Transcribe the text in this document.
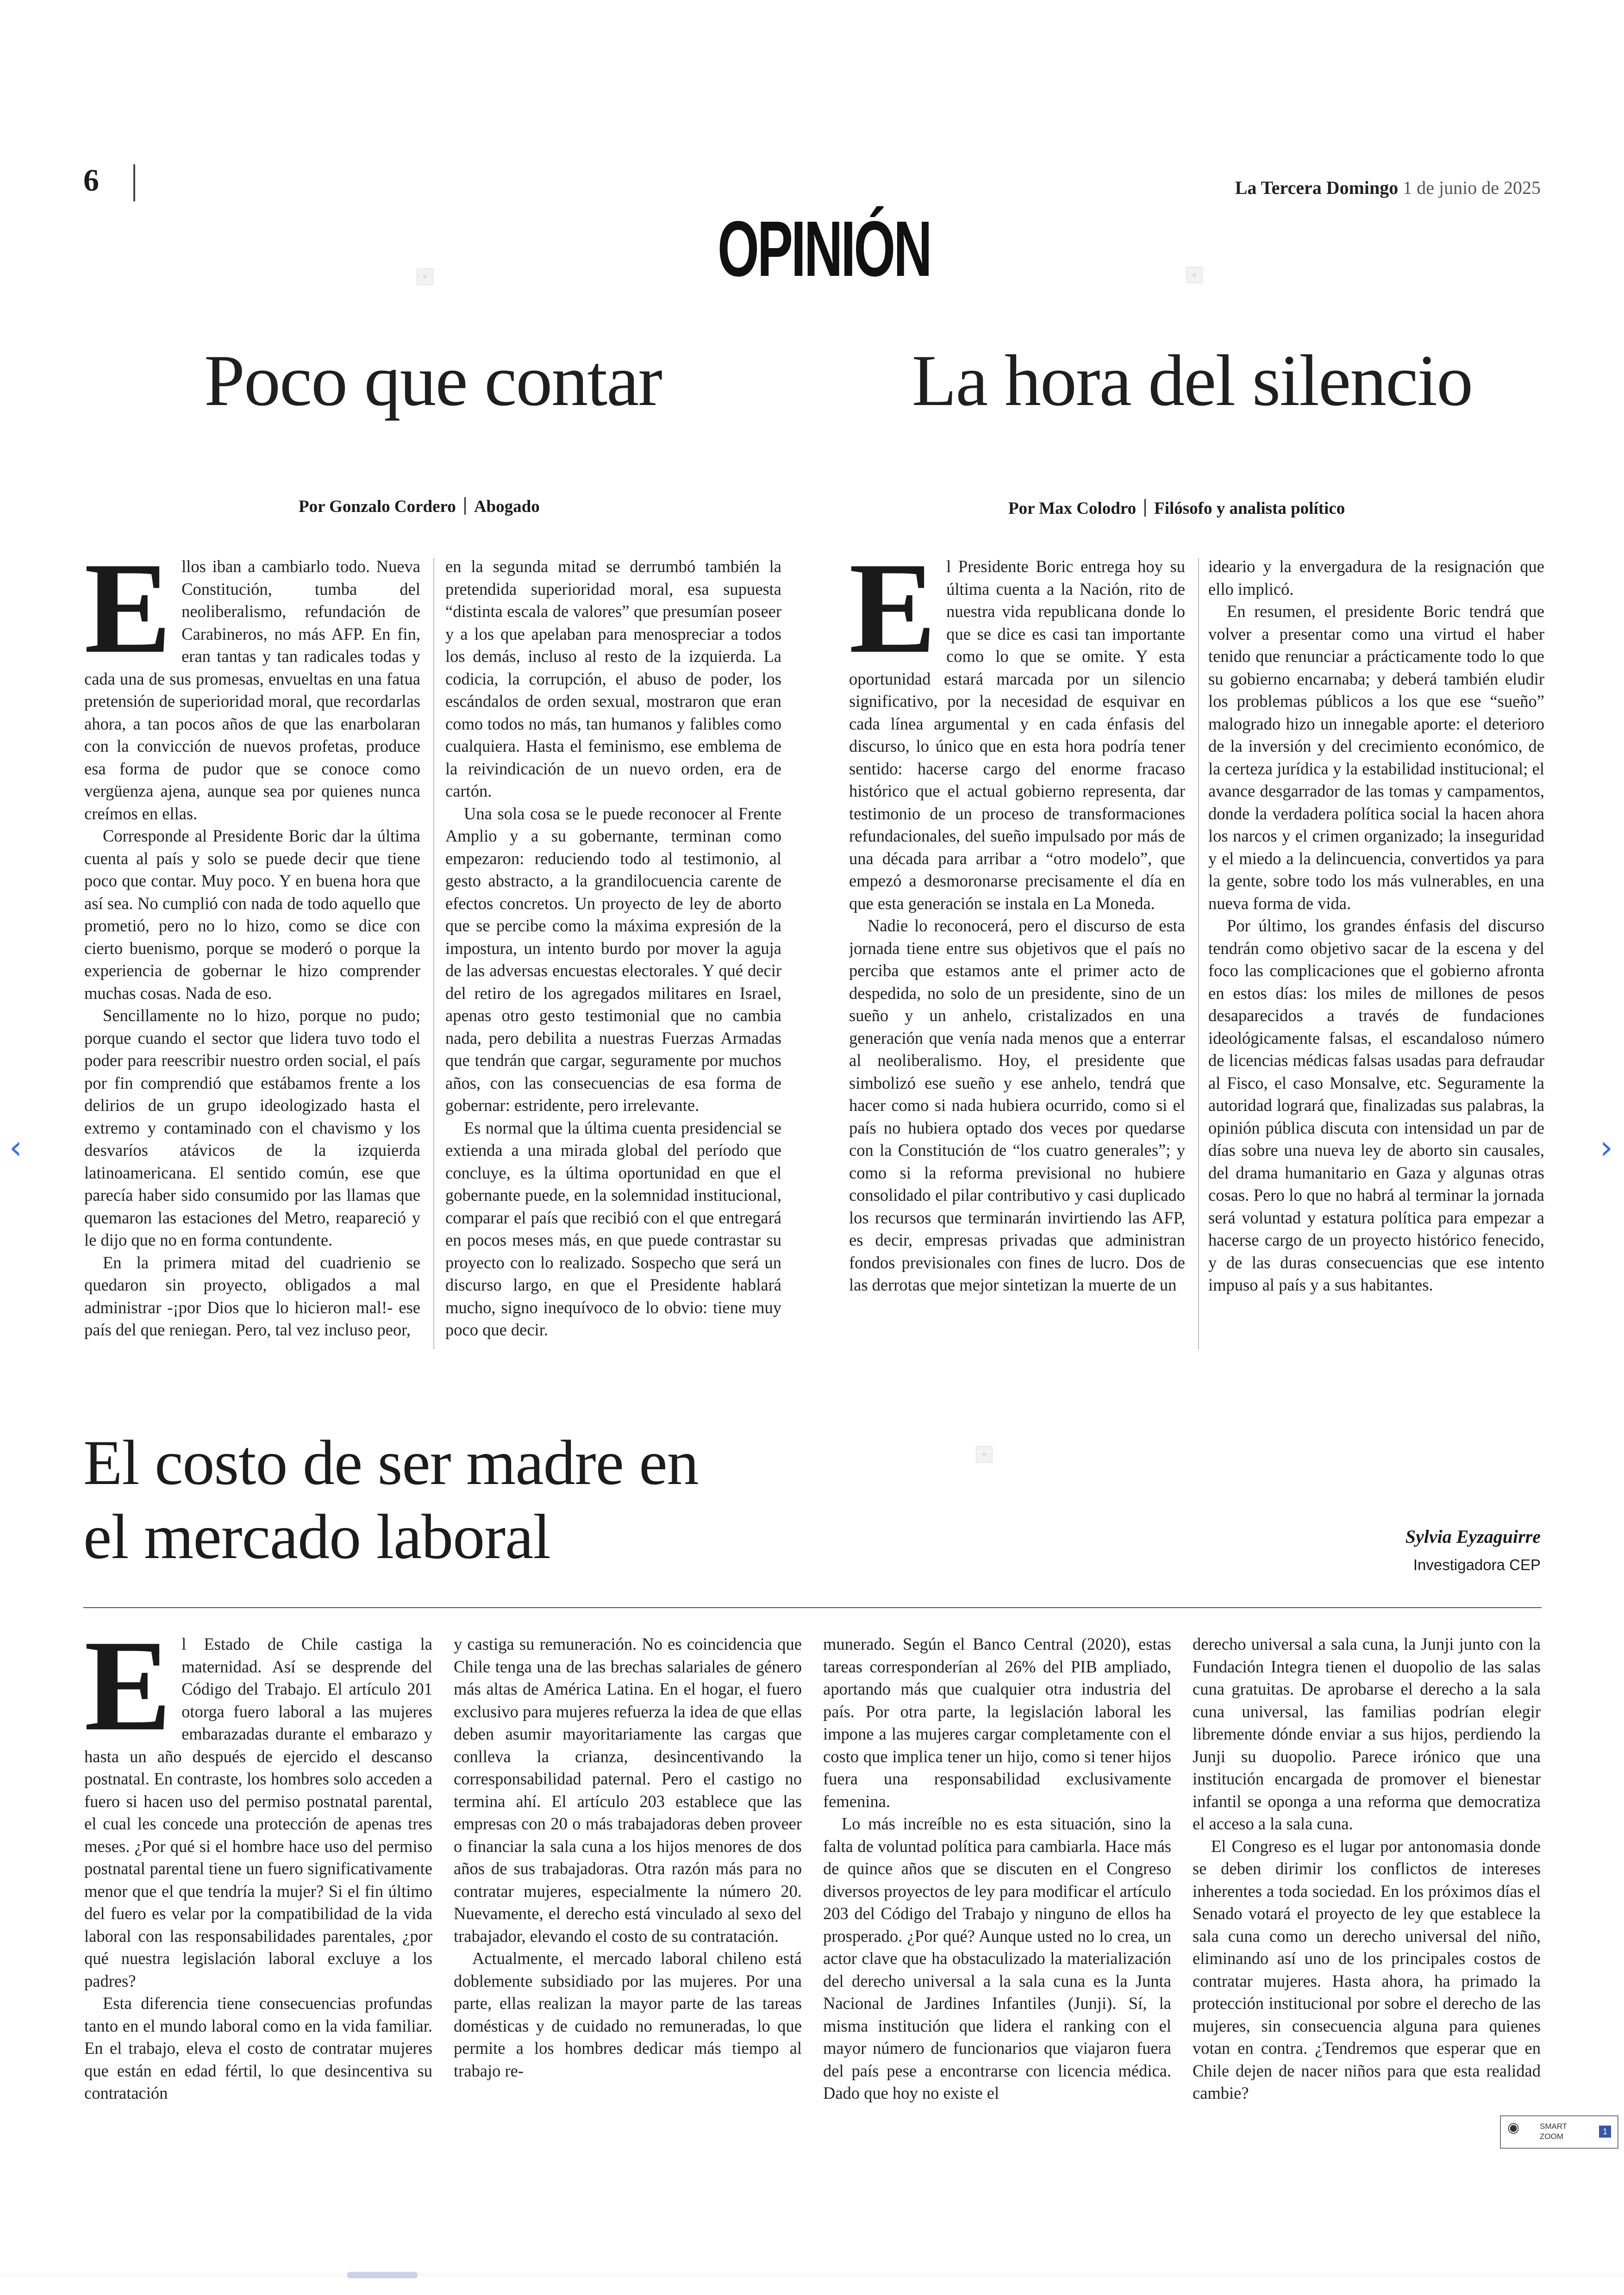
6	La Tercera Domingo 1 de junio de 2025
OPINIÓN
▫	▫
▫
Poco que contar
Por Gonzalo Cordero Abogado
E llos iban a cambiarlo todo. Nueva Constitución, tumba del neoliberalismo, refundación de Carabineros, no más AFP. En fin, eran tantas y tan radicales todas y cada una de sus promesas, envueltas en una fatua pretensión de superioridad moral, que recordarlas ahora, a tan pocos años de que las enarbolaran con la convicción de nuevos profetas, produce esa forma de pudor que se conoce como vergüenza ajena, aunque sea por quienes nunca creímos en ellas.

Corresponde al Presidente Boric dar la última cuenta al país y solo se puede decir que tiene poco que contar. Muy poco. Y en buena hora que así sea. No cumplió con nada de todo aquello que prometió, pero no lo hizo, como se dice con cierto buenismo, porque se moderó o porque la experiencia de gobernar le hizo comprender muchas cosas. Nada de eso.

Sencillamente no lo hizo, porque no pudo; porque cuando el sector que lidera tuvo todo el poder para reescribir nuestro orden social, el país por fin comprendió que estábamos frente a los delirios de un grupo ideologizado hasta el extremo y contaminado con el chavismo y los desvaríos atávicos de la izquierda latinoamericana. El sentido común, ese que parecía haber sido consumido por las llamas que quemaron las estaciones del Metro, reapareció y le dijo que no en forma contundente.

En la primera mitad del cuadrienio se quedaron sin proyecto, obligados a mal administrar -¡por Dios que lo hicieron mal!- ese país del que reniegan. Pero, tal vez incluso peor,

en la segunda mitad se derrumbó también la pretendida superioridad moral, esa supuesta “distinta escala de valores” que presumían poseer y a los que apelaban para menospreciar a todos los demás, incluso al resto de la izquierda. La codicia, la corrupción, el abuso de poder, los escándalos de orden sexual, mostraron que eran como todos no más, tan humanos y falibles como cualquiera. Hasta el feminismo, ese emblema de la reivindicación de un nuevo orden, era de cartón.

Una sola cosa se le puede reconocer al Frente Amplio y a su gobernante, terminan como empezaron: reduciendo todo al testimonio, al gesto abstracto, a la grandilocuencia carente de efectos concretos. Un proyecto de ley de aborto que se percibe como la máxima expresión de la impostura, un intento burdo por mover la aguja de las adversas encuestas electorales. Y qué decir del retiro de los agregados militares en Israel, apenas otro gesto testimonial que no cambia nada, pero debilita a nuestras Fuerzas Armadas que tendrán que cargar, seguramente por muchos años, con las consecuencias de esa forma de gobernar: estridente, pero irrelevante.

Es normal que la última cuenta presidencial se extienda a una mirada global del período que concluye, es la última oportunidad en que el gobernante puede, en la solemnidad institucional, comparar el país que recibió con el que entregará en pocos meses más, en que puede contrastar su proyecto con lo realizado. Sospecho que será un discurso largo, en que el Presidente hablará mucho, signo inequívoco de lo obvio: tiene muy poco que decir.

La hora del silencio
Por Max Colodro Filósofo y analista político
E l Presidente Boric entrega hoy su última cuenta a la Nación, rito de nuestra vida republicana donde lo que se dice es casi tan importante como lo que se omite. Y esta oportunidad estará marcada por un silencio significativo, por la necesidad de esquivar en cada línea argumental y en cada énfasis del discurso, lo único que en esta hora podría tener sentido: hacerse cargo del enorme fracaso histórico que el actual gobierno representa, dar testimonio de un proceso de transformaciones refundacionales, del sueño impulsado por más de una década para arribar a “otro modelo”, que empezó a desmoronarse precisamente el día en que esta generación se instala en La Moneda.

Nadie lo reconocerá, pero el discurso de esta jornada tiene entre sus objetivos que el país no perciba que estamos ante el primer acto de despedida, no solo de un presidente, sino de un sueño y un anhelo, cristalizados en una generación que venía nada menos que a enterrar al neoliberalismo. Hoy, el presidente que simbolizó ese sueño y ese anhelo, tendrá que hacer como si nada hubiera ocurrido, como si el país no hubiera optado dos veces por quedarse con la Constitución de “los cuatro generales”; y como si la reforma previsional no hubiere consolidado el pilar contributivo y casi duplicado los recursos que terminarán invirtiendo las AFP, es decir, empresas privadas que administran fondos previsionales con fines de lucro. Dos de las derrotas que mejor sintetizan la muerte de un

ideario y la envergadura de la resignación que ello implicó.

En resumen, el presidente Boric tendrá que volver a presentar como una virtud el haber tenido que renunciar a prácticamente todo lo que su gobierno encarnaba; y deberá también eludir los problemas públicos a los que ese “sueño” malogrado hizo un innegable aporte: el deterioro de la inversión y del crecimiento económico, de la certeza jurídica y la estabilidad institucional; el avance desgarrador de las tomas y campamentos, donde la verdadera política social la hacen ahora los narcos y el crimen organizado; la inseguridad y el miedo a la delincuencia, convertidos ya para la gente, sobre todo los más vulnerables, en una nueva forma de vida.

Por último, los grandes énfasis del discurso tendrán como objetivo sacar de la escena y del foco las complicaciones que el gobierno afronta en estos días: los miles de millones de pesos desaparecidos a través de fundaciones ideológicamente falsas, el escandaloso número de licencias médicas falsas usadas para defraudar al Fisco, el caso Monsalve, etc. Seguramente la autoridad logrará que, finalizadas sus palabras, la opinión pública discuta con intensidad un par de días sobre una nueva ley de aborto sin causales, del drama humanitario en Gaza y algunas otras cosas. Pero lo que no habrá al terminar la jornada será voluntad y estatura política para empezar a hacerse cargo de un proyecto histórico fenecido, y de las duras consecuencias que ese intento impuso al país y a sus habitantes.

El costo de ser madre en
el mercado laboral	Sylvia Eyzaguirre
Investigadora CEP
E l Estado de Chile castiga la maternidad. Así se desprende del Código del Trabajo. El artículo 201 otorga fuero laboral a las mujeres embarazadas durante el embarazo y hasta un año después de ejercido el descanso postnatal. En contraste, los hombres solo acceden a fuero si hacen uso del permiso postnatal parental, el cual les concede una protección de apenas tres meses. ¿Por qué si el hombre hace uso del permiso postnatal parental tiene un fuero significativamente menor que el que tendría la mujer? Si el fin último del fuero es velar por la compatibilidad de la vida laboral con las responsabilidades parentales, ¿por qué nuestra legislación laboral excluye a los padres?

Esta diferencia tiene consecuencias profundas tanto en el mundo laboral como en la vida familiar. En el trabajo, eleva el costo de contratar mujeres que están en edad fértil, lo que desincentiva su contratación

y castiga su remuneración. No es coincidencia que Chile tenga una de las brechas salariales de género más altas de América Latina. En el hogar, el fuero exclusivo para mujeres refuerza la idea de que ellas deben asumir mayoritariamente las cargas que conlleva la crianza, desincentivando la corresponsabilidad paternal. Pero el castigo no termina ahí. El artículo 203 establece que las empresas con 20 o más trabajadoras deben proveer o financiar la sala cuna a los hijos menores de dos años de sus trabajadoras. Otra razón más para no contratar mujeres, especialmente la número 20. Nuevamente, el derecho está vinculado al sexo del trabajador, elevando el costo de su contratación.

Actualmente, el mercado laboral chileno está doblemente subsidiado por las mujeres. Por una parte, ellas realizan la mayor parte de las tareas domésticas y de cuidado no remuneradas, lo que permite a los hombres dedicar más tiempo al trabajo re-

munerado. Según el Banco Central (2020), estas tareas corresponderían al 26% del PIB ampliado, aportando más que cualquier otra industria del país. Por otra parte, la legislación laboral les impone a las mujeres cargar completamente con el costo que implica tener un hijo, como si tener hijos fuera una responsabilidad exclusivamente femenina.

Lo más increíble no es esta situación, sino la falta de voluntad política para cambiarla. Hace más de quince años que se discuten en el Congreso diversos proyectos de ley para modificar el artículo 203 del Código del Trabajo y ninguno de ellos ha prosperado. ¿Por qué? Aunque usted no lo crea, un actor clave que ha obstaculizado la materialización del derecho universal a la sala cuna es la Junta Nacional de Jardines Infantiles (Junji). Sí, la misma institución que lidera el ranking con el mayor número de funcionarios que viajaron fuera del país pese a encontrarse con licencia médica. Dado que hoy no existe el

derecho universal a sala cuna, la Junji junto con la Fundación Integra tienen el duopolio de las salas cuna gratuitas. De aprobarse el derecho a la sala cuna universal, las familias podrían elegir libremente dónde enviar a sus hijos, perdiendo la Junji su duopolio. Parece irónico que una institución encargada de promover el bienestar infantil se oponga a una reforma que democratiza el acceso a la sala cuna.

El Congreso es el lugar por antonomasia donde se deben dirimir los conflictos de intereses inherentes a toda sociedad. En los próximos días el Senado votará el proyecto de ley que establece la sala cuna como un derecho universal del niño, eliminando así uno de los principales costos de contratar mujeres. Hasta ahora, ha primado la protección institucional por sobre el derecho de las mujeres, sin consecuencia alguna para quienes votan en contra. ¿Tendremos que esperar que en Chile dejen de nacer niños para que esta realidad cambie?

‹	›
◉	SMART
ZOOM
1
